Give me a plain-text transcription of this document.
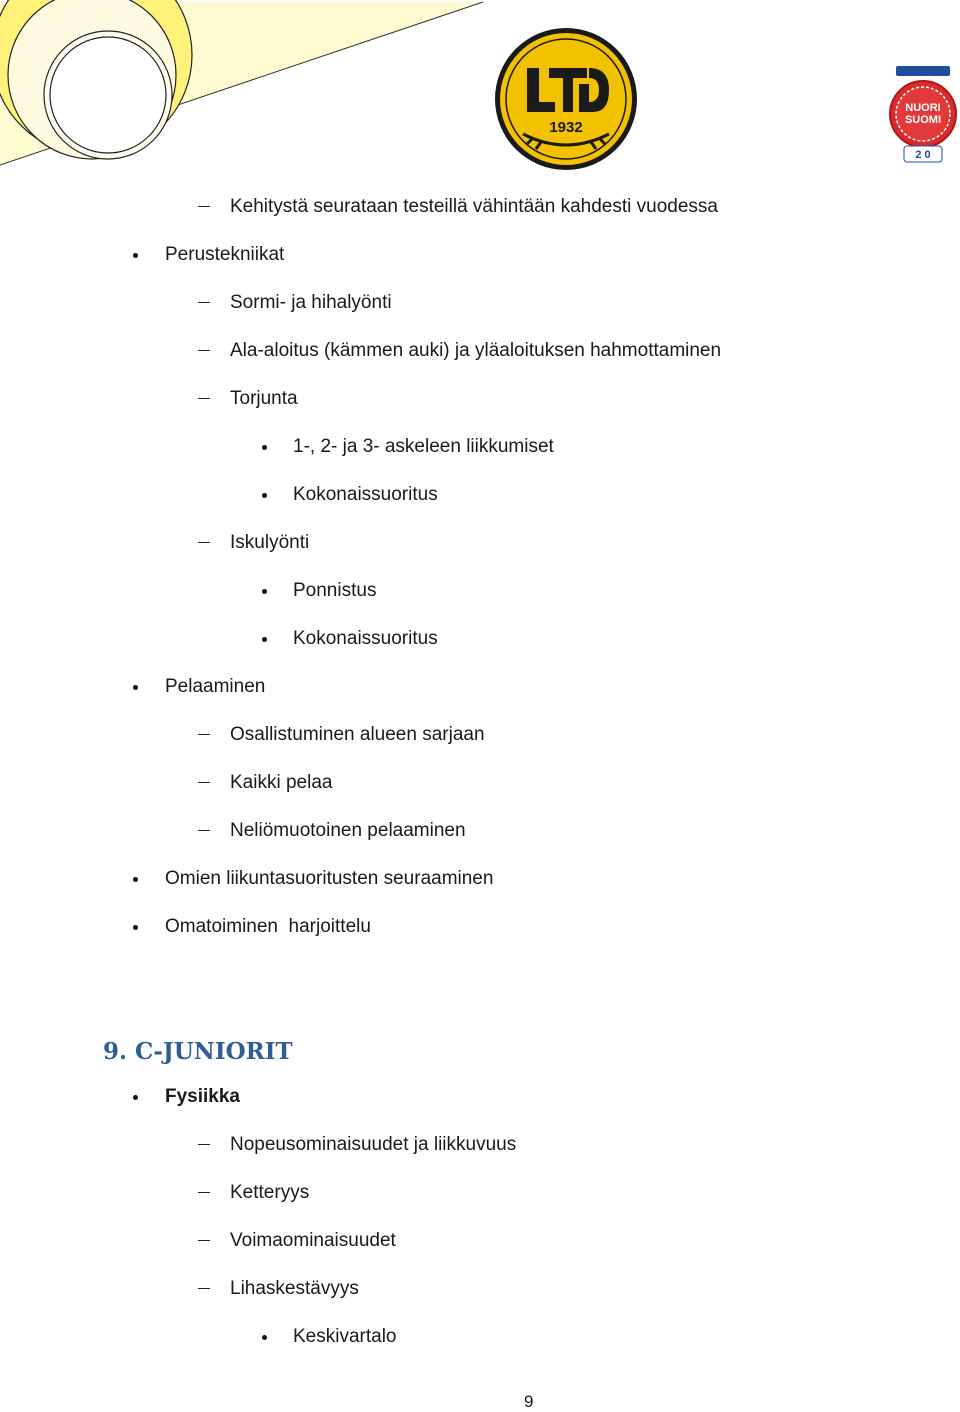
1932
NUORI
SUOMI
2 0
Kehitystä seurataan testeillä vähintään kahdesti vuodessa
Perustekniikat
Sormi- ja hihalyönti
Ala-aloitus (kämmen auki) ja yläaloituksen hahmottaminen
Torjunta
1-, 2- ja 3- askeleen liikkumiset
Kokonaissuoritus
Iskulyönti
Ponnistus
Kokonaissuoritus
Pelaaminen
Osallistuminen alueen sarjaan
Kaikki pelaa
Neliömuotoinen pelaaminen
Omien liikuntasuoritusten seuraaminen
Omatoiminen  harjoittelu
9. C-JUNIORIT
Fysiikka
Nopeusominaisuudet ja liikkuvuus
Ketteryys
Voimaominaisuudet
Lihaskestävyys
Keskivartalo
9
